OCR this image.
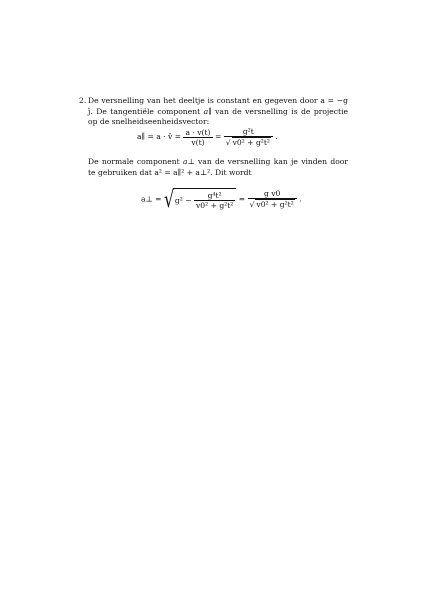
2. De versnelling van het deeltje is constant en gegeven door a = −g ĵ. De tangentiële component a∥ van de versnelling is de projectie op de snelheidseenheidsvector:

a∥ = a · v̂ = $\frac{a \cdot v(t)}{v(t)} = \frac{\text{g²t}}{\text{√ v0² + g²t²}}$ .

De normale component a⊥ van de versnelling kan je vinden door te gebruiken dat a² = a∥² + a⊥². Dit wordt

a⊥ = √ $g^2 - \frac{\text{g⁴t²}}{\text{v0² + g²t²}} = \frac{\text{g v0}}{\text{√ v0² + g²t²}}$ .
